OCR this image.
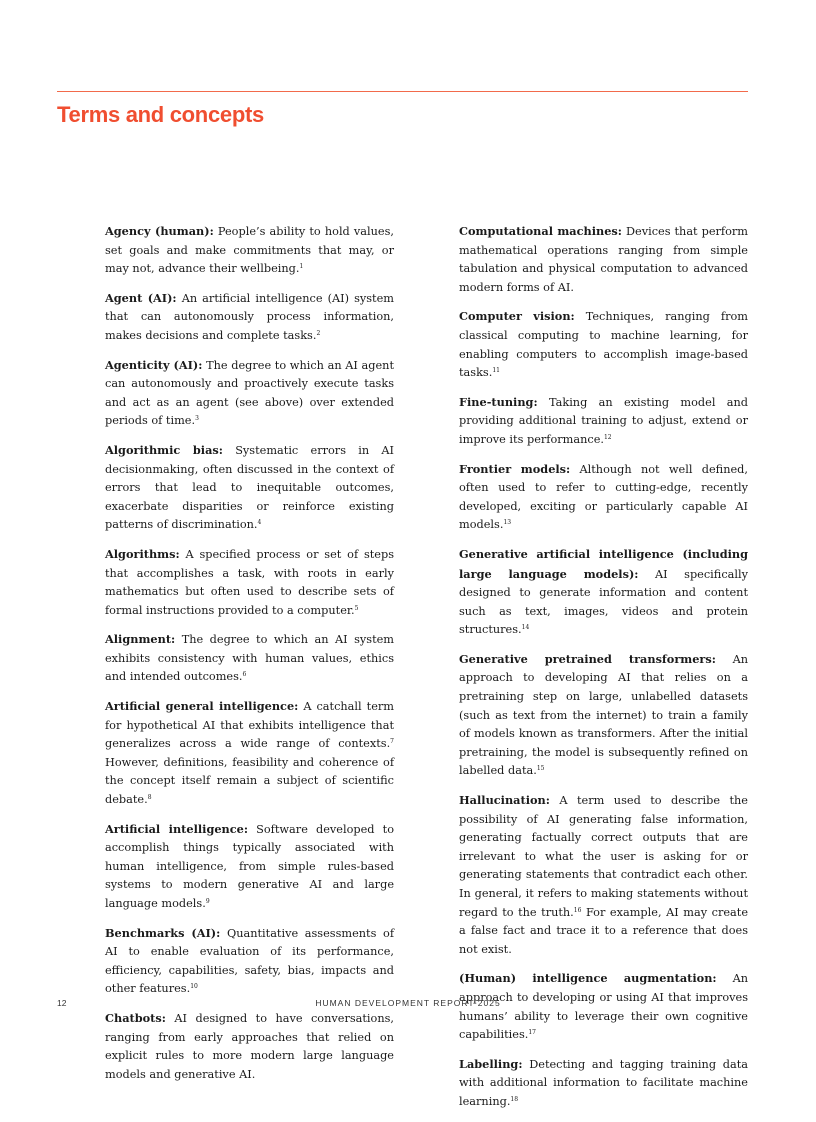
Terms and concepts

Agency (human): People’s ability to hold values, set goals and make commitments that may, or may not, advance their wellbeing.$^1$

Agent (AI): An artificial intelligence (AI) system that can autonomously process information, makes decisions and complete tasks.$^2$

Agenticity (AI): The degree to which an AI agent can autonomously and proactively execute tasks and act as an agent (see above) over extended periods of time.$^3$

Algorithmic bias: Systematic errors in AI decisionmaking, often discussed in the context of errors that lead to inequitable outcomes, exacerbate disparities or reinforce existing patterns of discrimination.$^4$

Algorithms: A specified process or set of steps that accomplishes a task, with roots in early mathematics but often used to describe sets of formal instructions provided to a computer.$^5$

Alignment: The degree to which an AI system exhibits consistency with human values, ethics and intended outcomes.$^6$

Artificial general intelligence: A catchall term for hypothetical AI that exhibits intelligence that generalizes across a wide range of contexts.$^7$ However, definitions, feasibility and coherence of the concept itself remain a subject of scientific debate.$^8$

Artificial intelligence: Software developed to accomplish things typically associated with human intelligence, from simple rules-based systems to modern generative AI and large language models.$^9$

Benchmarks (AI): Quantitative assessments of AI to enable evaluation of its performance, efficiency, capabilities, safety, bias, impacts and other features.$^{10}$

Chatbots: AI designed to have conversations, ranging from early approaches that relied on explicit rules to more modern large language models and generative AI.

Computational machines: Devices that perform mathematical operations ranging from simple tabulation and physical computation to advanced modern forms of AI.

Computer vision: Techniques, ranging from classical computing to machine learning, for enabling computers to accomplish image-based tasks.$^{11}$

Fine-tuning: Taking an existing model and providing additional training to adjust, extend or improve its performance.$^{12}$

Frontier models: Although not well defined, often used to refer to cutting-edge, recently developed, exciting or particularly capable AI models.$^{13}$

Generative artificial intelligence (including large language models): AI specifically designed to generate information and content such as text, images, videos and protein structures.$^{14}$

Generative pretrained transformers: An approach to developing AI that relies on a pretraining step on large, unlabelled datasets (such as text from the internet) to train a family of models known as transformers. After the initial pretraining, the model is subsequently refined on labelled data.$^{15}$

Hallucination: A term used to describe the possibility of AI generating false information, generating factually correct outputs that are irrelevant to what the user is asking for or generating statements that contradict each other. In general, it refers to making statements without regard to the truth.$^{16}$ For example, AI may create a false fact and trace it to a reference that does not exist.

(Human) intelligence augmentation: An approach to developing or using AI that improves humans’ ability to leverage their own cognitive capabilities.$^{17}$

Labelling: Detecting and tagging training data with additional information to facilitate machine learning.$^{18}$

12	HUMAN DEVELOPMENT REPORT 2025
